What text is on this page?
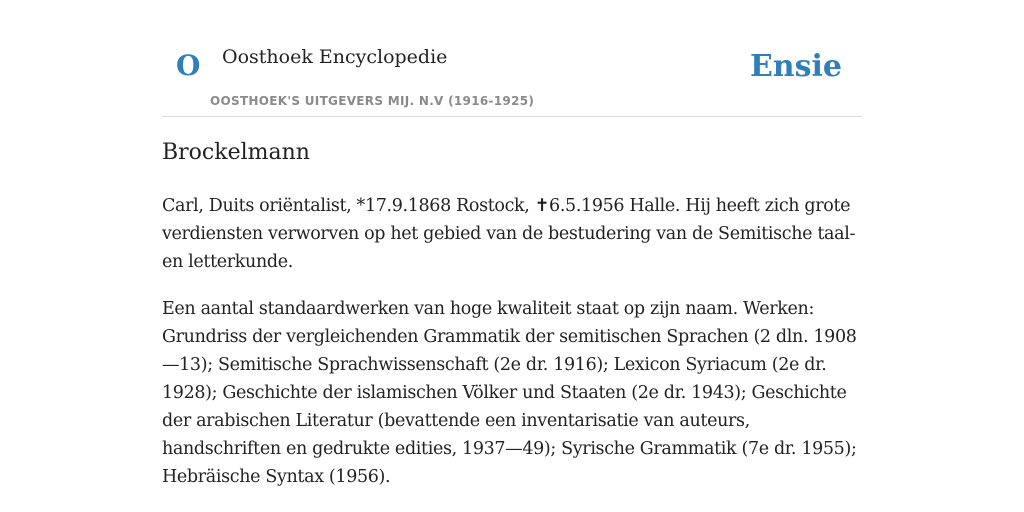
O Oosthoek Encyclopedie
OOSTHOEK'S UITGEVERS MIJ. N.V (1916-1925)
Ensie
Brockelmann

Carl, Duits oriëntalist, *17.9.1868 Rostock, ✝6.5.1956 Halle. Hij heeft zich grote verdiensten verworven op het gebied van de bestudering van de Semitische taal- en letterkunde.

Een aantal standaardwerken van hoge kwaliteit staat op zijn naam. Werken: Grundriss der vergleichenden Grammatik der semitischen Sprachen (2 dln. 1908—13); Semitische Sprachwissenschaft (2e dr. 1916); Lexicon Syriacum (2e dr. 1928); Geschichte der islamischen Völker und Staaten (2e dr. 1943); Geschichte der arabischen Literatur (bevattende een inventarisatie van auteurs, handschriften en gedrukte edities, 1937—49); Syrische Grammatik (7e dr. 1955); Hebräische Syntax (1956).
